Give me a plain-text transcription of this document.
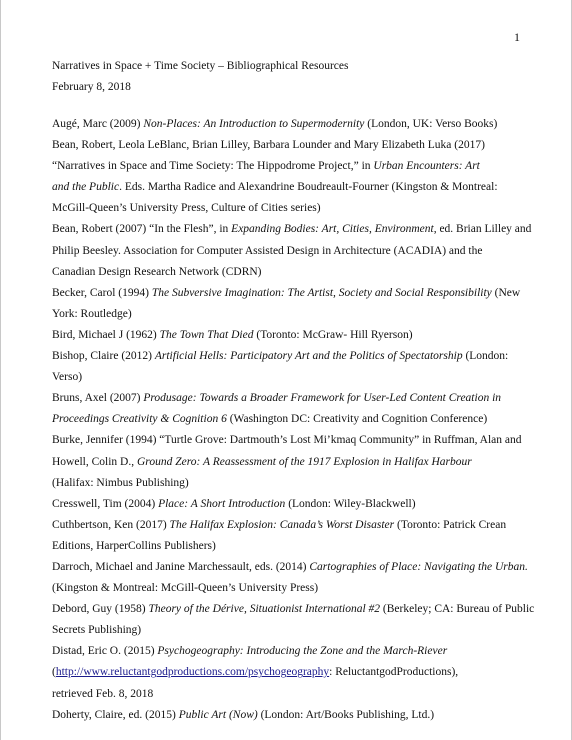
1
Narratives in Space + Time Society – Bibliographical Resources
February 8, 2018
Augé, Marc (2009) Non-Places: An Introduction to Supermodernity (London, UK: Verso Books)
Bean, Robert, Leola LeBlanc, Brian Lilley, Barbara Lounder and Mary Elizabeth Luka (2017)
“Narratives in Space and Time Society: The Hippodrome Project,” in Urban Encounters: Art
and the Public. Eds. Martha Radice and Alexandrine Boudreault-Fourner (Kingston & Montreal:
McGill-Queen’s University Press, Culture of Cities series)
Bean, Robert (2007) “In the Flesh”, in Expanding Bodies: Art, Cities, Environment, ed. Brian Lilley and
Philip Beesley. Association for Computer Assisted Design in Architecture (ACADIA) and the
Canadian Design Research Network (CDRN)
Becker, Carol (1994) The Subversive Imagination: The Artist, Society and Social Responsibility (New
York: Routledge)
Bird, Michael J (1962) The Town That Died (Toronto: McGraw- Hill Ryerson)
Bishop, Claire (2012) Artificial Hells: Participatory Art and the Politics of Spectatorship (London:
Verso)
Bruns, Axel (2007) Produsage: Towards a Broader Framework for User-Led Content Creation in
Proceedings Creativity & Cognition 6 (Washington DC: Creativity and Cognition Conference)
Burke, Jennifer (1994) “Turtle Grove: Dartmouth’s Lost Mi’kmaq Community” in Ruffman, Alan and
Howell, Colin D., Ground Zero: A Reassessment of the 1917 Explosion in Halifax Harbour
(Halifax: Nimbus Publishing)
Cresswell, Tim (2004) Place: A Short Introduction (London: Wiley-Blackwell)
Cuthbertson, Ken (2017) The Halifax Explosion: Canada’s Worst Disaster (Toronto: Patrick Crean
Editions, HarperCollins Publishers)
Darroch, Michael and Janine Marchessault, eds. (2014) Cartographies of Place: Navigating the Urban.
(Kingston & Montreal: McGill-Queen’s University Press)
Debord, Guy (1958) Theory of the Dérive, Situationist International #2 (Berkeley; CA: Bureau of Public
Secrets Publishing)
Distad, Eric O. (2015) Psychogeography: Introducing the Zone and the March-Riever
(http://www.reluctantgodproductions.com/psychogeography: ReluctantgodProductions),
retrieved Feb. 8, 2018
Doherty, Claire, ed. (2015) Public Art (Now) (London: Art/Books Publishing, Ltd.)
